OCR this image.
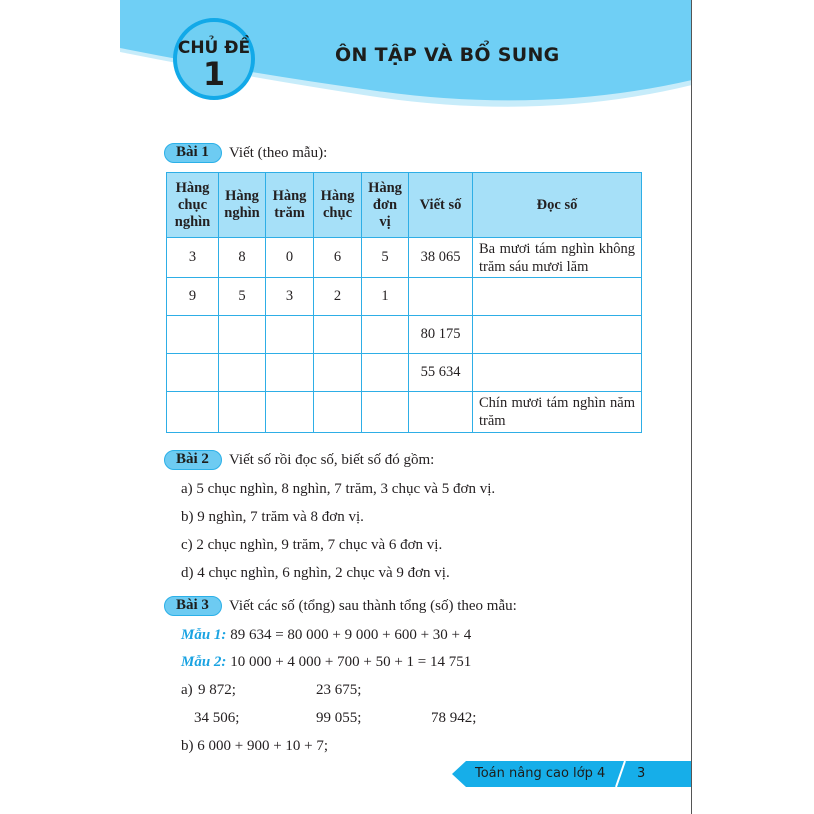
CHỦ ĐỀ
1	ÔN TẬP VÀ BỔ SUNG
Bài 1	Viết (theo mẫu):
Hàng
chục
nghìn	Hàng
nghìn	Hàng
trăm	Hàng
chục	Hàng
đơn
vị	Viết số	Đọc số
3	8	0	6	5	38 065	Ba mươi tám nghìn không trăm sáu mươi lăm
9	5	3	2	1		
					80 175	
					55 634	
						Chín mươi tám nghìn năm trăm
Bài 2	Viết số rồi đọc số, biết số đó gồm:
a) 5 chục nghìn, 8 nghìn, 7 trăm, 3 chục và 5 đơn vị.
b) 9 nghìn, 7 trăm và 8 đơn vị.
c) 2 chục nghìn, 9 trăm, 7 chục và 6 đơn vị.
d) 4 chục nghìn, 6 nghìn, 2 chục và 9 đơn vị.
Bài 3	Viết các số (tổng) sau thành tổng (số) theo mẫu:
Mẫu 1: 89 634 = 80 000 + 9 000 + 600 + 30 + 4
Mẫu 2: 10 000 + 4 000 + 700 + 50 + 1 = 14 751
a) 9 872;	23 675;
34 506;	99 055;	78 942;
b) 6 000 + 900 + 10 + 7;
Toán nâng cao lớp 4 3
